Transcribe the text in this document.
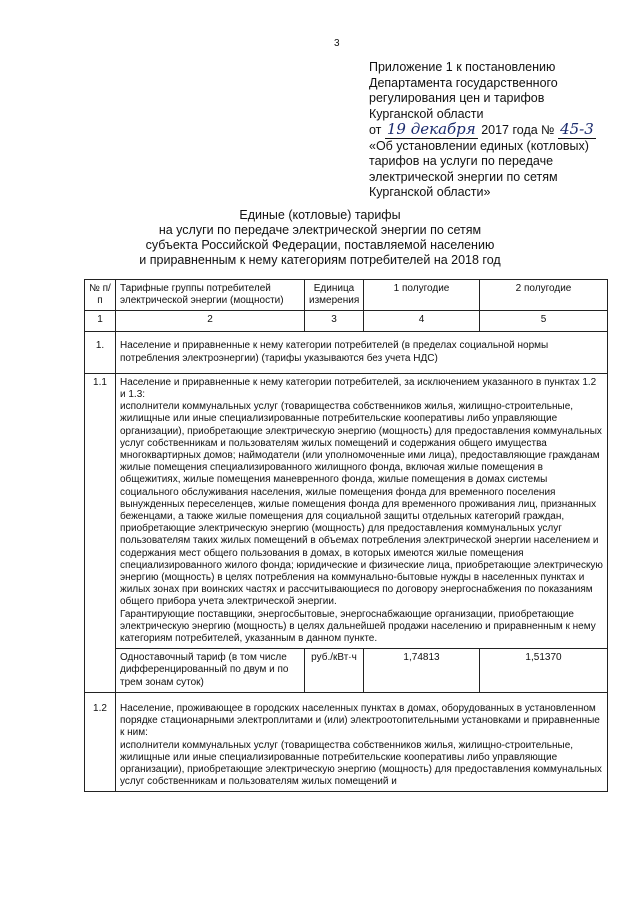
3
Приложение 1 к постановлению
Департамента государственного
регулирования цен и тарифов
Курганской области
от 19 декабря 2017 года № 45-3
«Об установлении единых (котловых)
тарифов на услуги по передаче
электрической энергии по сетям
Курганской области»
Единые (котловые) тарифы
на услуги по передаче электрической энергии по сетям
субъекта Российской Федерации, поставляемой населению
и приравненным к нему категориям потребителей на 2018 год
№ п/п	Тарифные группы потребителей электрической энергии (мощности)	Единица измерения	1 полугодие	2 полугодие
1	2	3	4	5
1.	Население и приравненные к нему категории потребителей (в пределах социальной нормы потребления электроэнергии) (тарифы указываются без учета НДС)			
1.1	Население и приравненные к нему категории потребителей, за исключением указанного в пунктах 1.2 и 1.3:
исполнители коммунальных услуг (товарищества собственников жилья, жилищно-строительные, жилищные или иные специализированные потребительские кооперативы либо управляющие организации), приобретающие электрическую энергию (мощность) для предоставления коммунальных услуг собственникам и пользователям жилых помещений и содержания общего имущества многоквартирных домов; наймодатели (или уполномоченные ими лица), предоставляющие гражданам жилые помещения специализированного жилищного фонда, включая жилые помещения в общежитиях, жилые помещения маневренного фонда, жилые помещения в домах системы социального обслуживания населения, жилые помещения фонда для временного поселения вынужденных переселенцев, жилые помещения фонда для временного проживания лиц, признанных беженцами, а также жилые помещения для социальной защиты отдельных категорий граждан, приобретающие электрическую энергию (мощность) для предоставления коммунальных услуг пользователям таких жилых помещений в объемах потребления электрической энергии населением и содержания мест общего пользования в домах, в которых имеются жилые помещения специализированного жилого фонда; юридические и физические лица, приобретающие электрическую энергию (мощность) в целях потребления на коммунально-бытовые нужды в населенных пунктах и жилых зонах при воинских частях и рассчитывающиеся по договору энергоснабжения по показаниям общего прибора учета электрической энергии.
Гарантирующие поставщики, энергосбытовые, энергоснабжающие организации, приобретающие электрическую энергию (мощность) в целях дальнейшей продажи населению и приравненным к нему категориям потребителей, указанным в данном пункте.			

	Одноставочный тариф (в том числе дифференцированный по двум и по трем зонам суток)	руб./кВт·ч	1,74813	1,51370
1.2	Население, проживающее в городских населенных пунктах в домах, оборудованных в установленном порядке стационарными электроплитами и (или) электроотопительными установками и приравненные к ним:
исполнители коммунальных услуг (товарищества собственников жилья, жилищно-строительные, жилищные или иные специализированные потребительские кооперативы либо управляющие организации), приобретающие электрическую энергию (мощность) для предоставления коммунальных услуг собственникам и пользователям жилых помещений и			
